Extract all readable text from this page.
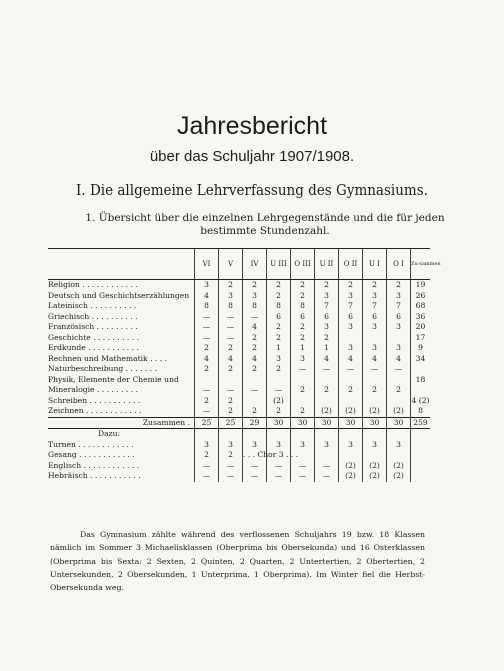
Jahresbericht
über das Schuljahr 1907/1908.
I. Die allgemeine Lehrverfassung des Gymnasiums.
1. Übersicht über die einzelnen Lehrgegenstände und die für jeden
bestimmte Stundenzahl.
	VI	V	IV	U III	O III	U II	O II	U I	O I	Zu-sammen
Religion . . . . . . . . . . . .	3	2	2	2	2	2	2	2	2	19
Deutsch und Geschichtserzählungen	4	3	3	2	2	3	3	3	3	26
Lateinisch . . . . . . . . . .	8	8	8	8	8	7	7	7	7	68
Griechisch . . . . . . . . . .	—	—	—	6	6	6	6	6	6	36
Französisch . . . . . . . . .	—	—	4	2	2	3	3	3	3	20
Geschichte . . . . . . . . . .	—	—	2	2	2	2				17
Erdkunde . . . . . . . . . . .	2	2	2	1	1	1	3	3	3	9
Rechnen und Mathematik . . . .	4	4	4	3	3	4	4	4	4	34
Naturbeschreibung . . . . . . .	2	2	2	2	—	—	—	—	—	
Physik, Elemente der Chemie und										18
Mineralogie . . . . . . . . .	—	—	—	—	2	2	2	2	2	
Schreiben . . . . . . . . . . .	2	2		(2)						4 (2)
Zeichnen . . . . . . . . . . . .	—	2	2	2	2	(2)	(2)	(2)	(2)	8
Zusammen .	25	25	29	30	30	30	30	30	30	259
Dazu:										
Turnen . . . . . . . . . . . .	3	3	3	3	3	3	3	3	3	
Gesang . . . . . . . . . . . .	2	2	. . . Chor 3 . . .							
Englisch . . . . . . . . . . . .	—	—	—	—	—	—	(2)	(2)	(2)	
Hebräisch . . . . . . . . . . .	—	—	—	—	—	—	(2)	(2)	(2)	

Das Gymnasium zählte während des verflossenen Schuljahrs 19 bzw. 18 Klassen nämlich im Sommer 3 Michaelisklassen (Oberprima bis Obersekunda) und 16 Osterklassen (Oberprima bis Sexta: 2 Sexten, 2 Quinten, 2 Quarten, 2 Untertertien, 2 Obertertien, 2 Untersekunden, 2 Obersekunden, 1 Unterprima, 1 Oberprima). Im Winter fiel die Herbst-Obersekunda weg.
